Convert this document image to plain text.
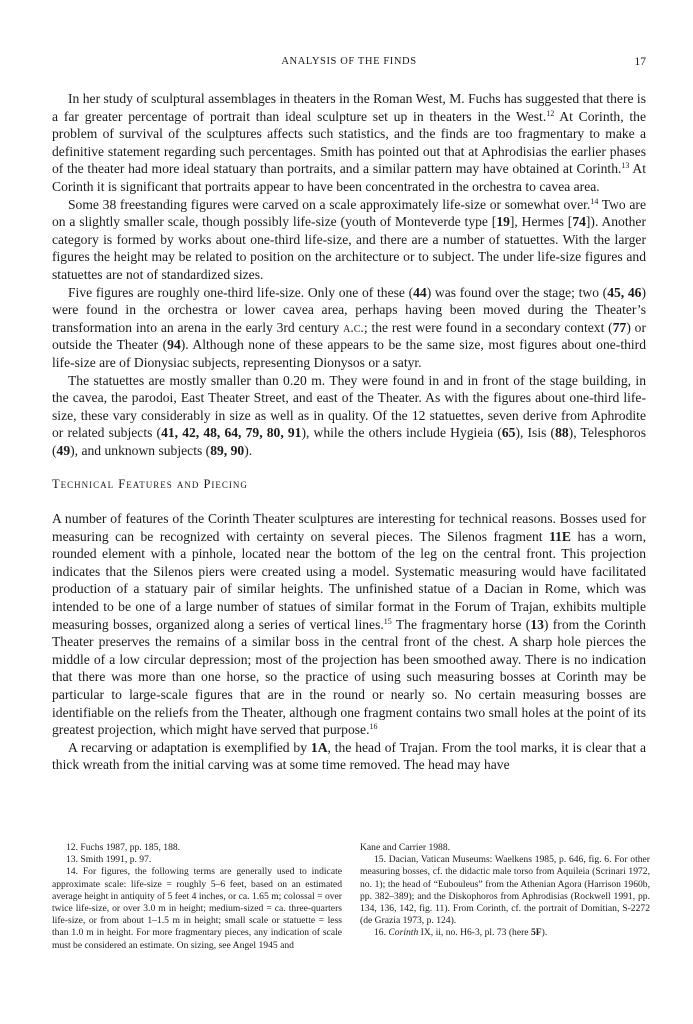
ANALYSIS OF THE FINDS	17

In her study of sculptural assemblages in theaters in the Roman West, M. Fuchs has suggested that there is a far greater percentage of portrait than ideal sculpture set up in theaters in the West.$^{12}$ At Corinth, the problem of survival of the sculptures affects such statistics, and the finds are too fragmentary to make a definitive statement regarding such percentages. Smith has pointed out that at Aphrodisias the earlier phases of the theater had more ideal statuary than portraits, and a similar pattern may have obtained at Corinth.$^{13}$ At Corinth it is significant that portraits appear to have been concentrated in the orchestra to cavea area.

Some 38 freestanding figures were carved on a scale approximately life-size or somewhat over.$^{14}$ Two are on a slightly smaller scale, though possibly life-size (youth of Monteverde type [19], Hermes [74]). Another category is formed by works about one-third life-size, and there are a number of statuettes. With the larger figures the height may be related to position on the architecture or to subject. The under life-size figures and statuettes are not of standardized sizes.

Five figures are roughly one-third life-size. Only one of these (44) was found over the stage; two (45, 46) were found in the orchestra or lower cavea area, perhaps having been moved during the Theater’s transformation into an arena in the early 3rd century a.c.; the rest were found in a secondary context (77) or outside the Theater (94). Although none of these appears to be the same size, most figures about one-third life-size are of Dionysiac subjects, representing Dionysos or a satyr.

The statuettes are mostly smaller than 0.20 m. They were found in and in front of the stage building, in the cavea, the parodoi, East Theater Street, and east of the Theater. As with the figures about one-third life-size, these vary considerably in size as well as in quality. Of the 12 statuettes, seven derive from Aphrodite or related subjects (41, 42, 48, 64, 79, 80, 91), while the others include Hygieia (65), Isis (88), Telesphoros (49), and unknown subjects (89, 90).

Technical Features and Piecing

A number of features of the Corinth Theater sculptures are interesting for technical reasons. Bosses used for measuring can be recognized with certainty on several pieces. The Silenos fragment 11E has a worn, rounded element with a pinhole, located near the bottom of the leg on the central front. This projection indicates that the Silenos piers were created using a model. Systematic measuring would have facilitated production of a statuary pair of similar heights. The unfinished statue of a Dacian in Rome, which was intended to be one of a large number of statues of similar format in the Forum of Trajan, exhibits multiple measuring bosses, organized along a series of vertical lines.$^{15}$ The fragmentary horse (13) from the Corinth Theater preserves the remains of a similar boss in the central front of the chest. A sharp hole pierces the middle of a low circular depression; most of the projection has been smoothed away. There is no indication that there was more than one horse, so the practice of using such measuring bosses at Corinth may be particular to large-scale figures that are in the round or nearly so. No certain measuring bosses are identifiable on the reliefs from the Theater, although one fragment contains two small holes at the point of its greatest projection, which might have served that purpose.$^{16}$

A recarving or adaptation is exemplified by 1A, the head of Trajan. From the tool marks, it is clear that a thick wreath from the initial carving was at some time removed. The head may have

12. Fuchs 1987, pp. 185, 188.

13. Smith 1991, p. 97.

14. For figures, the following terms are generally used to indicate approximate scale: life-size = roughly 5–6 feet, based on an estimated average height in antiquity of 5 feet 4 inches, or ca. 1.65 m; colossal = over twice life-size, or over 3.0 m in height; medium-sized = ca. three-quarters life-size, or from about 1–1.5 m in height; small scale or statuette = less than 1.0 m in height. For more fragmentary pieces, any indication of scale must be considered an estimate. On sizing, see Angel 1945 and

Kane and Carrier 1988.

15. Dacian, Vatican Museums: Waelkens 1985, p. 646, fig. 6. For other measuring bosses, cf. the didactic male torso from Aquileia (Scrinari 1972, no. 1); the head of “Eubouleus” from the Athenian Agora (Harrison 1960b, pp. 382–389); and the Diskophoros from Aphrodisias (Rockwell 1991, pp. 134, 136, 142, fig. 11). From Corinth, cf. the portrait of Domitian, S-2272 (de Grazia 1973, p. 124).

16. Corinth IX, ii, no. H6-3, pl. 73 (here 5F).
